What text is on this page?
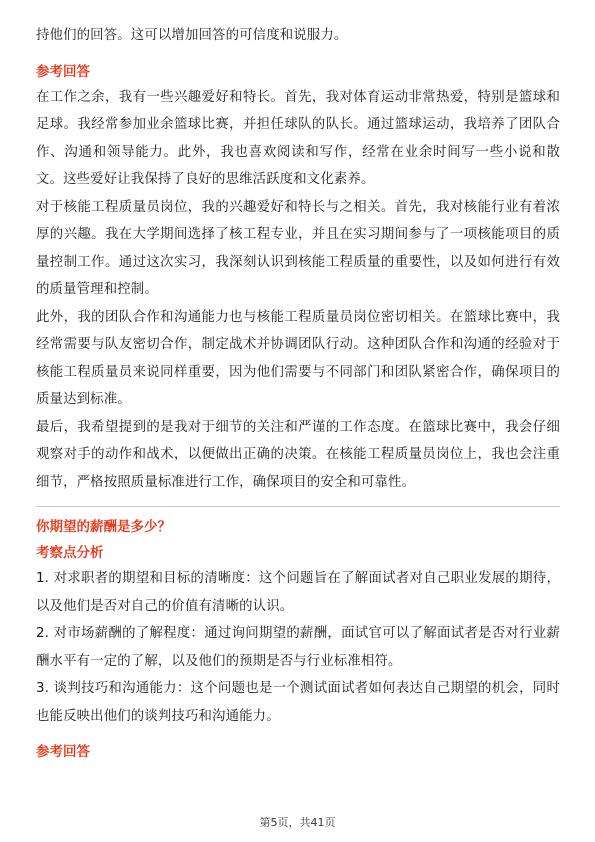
持他们的回答。这可以增加回答的可信度和说服力。

参考回答

在工作之余，我有一些兴趣爱好和特长。首先，我对体育运动非常热爱，特别是篮球和足球。我经常参加业余篮球比赛，并担任球队的队长。通过篮球运动，我培养了团队合作、沟通和领导能力。此外，我也喜欢阅读和写作，经常在业余时间写一些小说和散文。这些爱好让我保持了良好的思维活跃度和文化素养。

对于核能工程质量员岗位，我的兴趣爱好和特长与之相关。首先，我对核能行业有着浓厚的兴趣。我在大学期间选择了核工程专业，并且在实习期间参与了一项核能项目的质量控制工作。通过这次实习，我深刻认识到核能工程质量的重要性，以及如何进行有效的质量管理和控制。

此外，我的团队合作和沟通能力也与核能工程质量员岗位密切相关。在篮球比赛中，我经常需要与队友密切合作，制定战术并协调团队行动。这种团队合作和沟通的经验对于核能工程质量员来说同样重要，因为他们需要与不同部门和团队紧密合作，确保项目的质量达到标准。

最后，我希望提到的是我对于细节的关注和严谨的工作态度。在篮球比赛中，我会仔细观察对手的动作和战术，以便做出正确的决策。在核能工程质量员岗位上，我也会注重细节，严格按照质量标准进行工作，确保项目的安全和可靠性。

你期望的薪酬是多少？

考察点分析

1. 对求职者的期望和目标的清晰度：这个问题旨在了解面试者对自己职业发展的期待，以及他们是否对自己的价值有清晰的认识。

2. 对市场薪酬的了解程度：通过询问期望的薪酬，面试官可以了解面试者是否对行业薪酬水平有一定的了解，以及他们的预期是否与行业标准相符。

3. 谈判技巧和沟通能力：这个问题也是一个测试面试者如何表达自己期望的机会，同时也能反映出他们的谈判技巧和沟通能力。

参考回答

第5页，共41页
